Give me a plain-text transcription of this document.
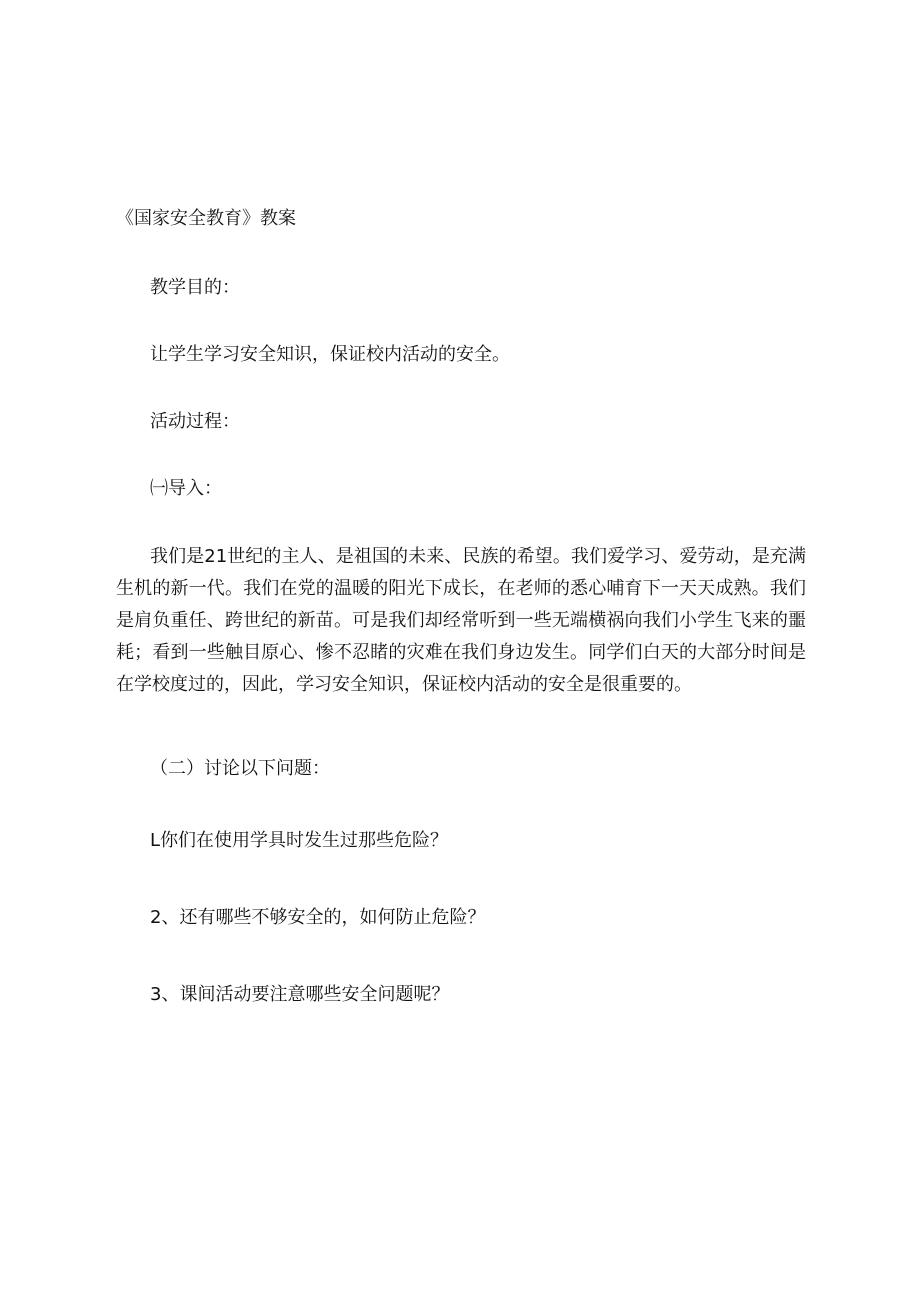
《国家安全教育》教案

教学目的：

让学生学习安全知识，保证校内活动的安全。

活动过程：

㈠导入：

我们是21世纪的主人、是祖国的未来、民族的希望。我们爱学习、爱劳动，是充满生机的新一代。我们在党的温暖的阳光下成长，在老师的悉心哺育下一天天成熟。我们是肩负重任、跨世纪的新苗。可是我们却经常听到一些无端横祸向我们小学生飞来的噩耗；看到一些触目原心、惨不忍睹的灾难在我们身边发生。同学们白天的大部分时间是在学校度过的，因此，学习安全知识，保证校内活动的安全是很重要的。

（二）讨论以下问题：

L你们在使用学具时发生过那些危险？

2、还有哪些不够安全的，如何防止危险？

3、课间活动要注意哪些安全问题呢？
